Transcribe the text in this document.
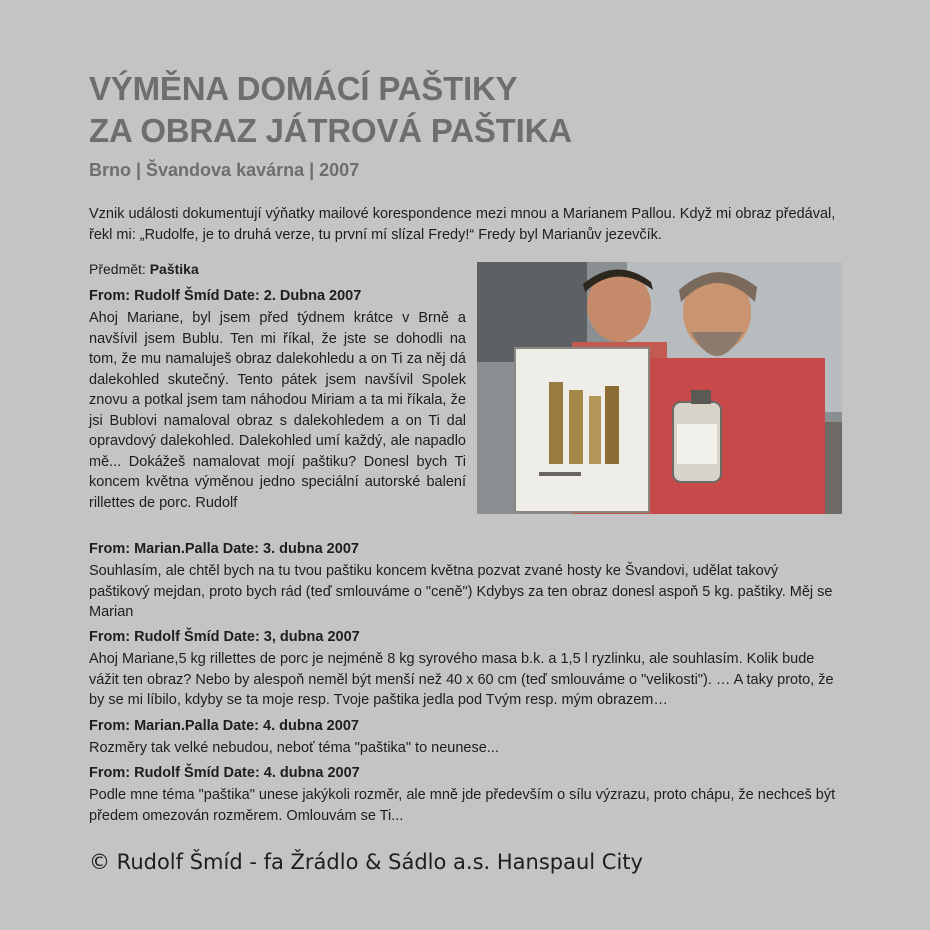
VÝMĚNA DOMÁCÍ PAŠTIKY
ZA OBRAZ JÁTROVÁ PAŠTIKA

Brno | Švandova kavárna | 2007

Vznik události dokumentují výňatky mailové korespondence mezi mnou a Marianem Pallou. Když mi obraz předával, řekl mi: „Rudolfe, je to druhá verze, tu první mí slízal Fredy!“ Fredy byl Marianův jezevčík.

Předmět: Paštika

From: Rudolf Šmíd Date: 2. Dubna 2007

Ahoj Mariane, byl jsem před týdnem krátce v Brně a navšívil jsem Bublu. Ten mi říkal, že jste se dohodli na tom, že mu namaluješ obraz dalekohledu a on Ti za něj dá dalekohled skutečný. Tento pátek jsem navšívil Spolek znovu a potkal jsem tam náhodou Miriam a ta mi říkala, že jsi Bublovi namaloval obraz s dalekohledem a on Ti dal opravdový dalekohled. Dalekohled umí každý, ale napadlo mě... Dokážeš namalovat mojí paštiku? Donesl bych Ti koncem května výměnou jedno speciální autorské balení rillettes de porc. Rudolf

From: Marian.Palla Date: 3. dubna 2007

Souhlasím, ale chtěl bych na tu tvou paštiku koncem května pozvat zvané hosty ke Švandovi, udělat takový paštikový mejdan, proto bych rád (teď smlouváme o "ceně") Kdybys za ten obraz donesl aspoň 5 kg. paštiky. Měj se Marian

From: Rudolf Šmíd Date: 3, dubna 2007

Ahoj Mariane,5 kg rillettes de porc je nejméně 8 kg syrového masa b.k. a 1,5 l ryzlinku, ale souhlasím. Kolik bude vážit ten obraz? Nebo by alespoň neměl být menší než 40 x 60 cm (teď smlouváme o "velikosti"). … A taky proto, že by se mi líbilo, kdyby se ta moje resp. Tvoje paštika jedla pod Tvým resp. mým obrazem…

From: Marian.Palla Date: 4. dubna 2007

Rozměry tak velké nebudou, neboť téma "paštika" to neunese...

From: Rudolf Šmíd Date: 4. dubna 2007

Podle mne téma "paštika" unese jakýkoli rozměr, ale mně jde především o sílu výzrazu, proto chápu, že nechceš být předem omezován rozměrem. Omlouvám se Ti...

© Rudolf Šmíd - fa Žrádlo & Sádlo a.s. Hanspaul City
